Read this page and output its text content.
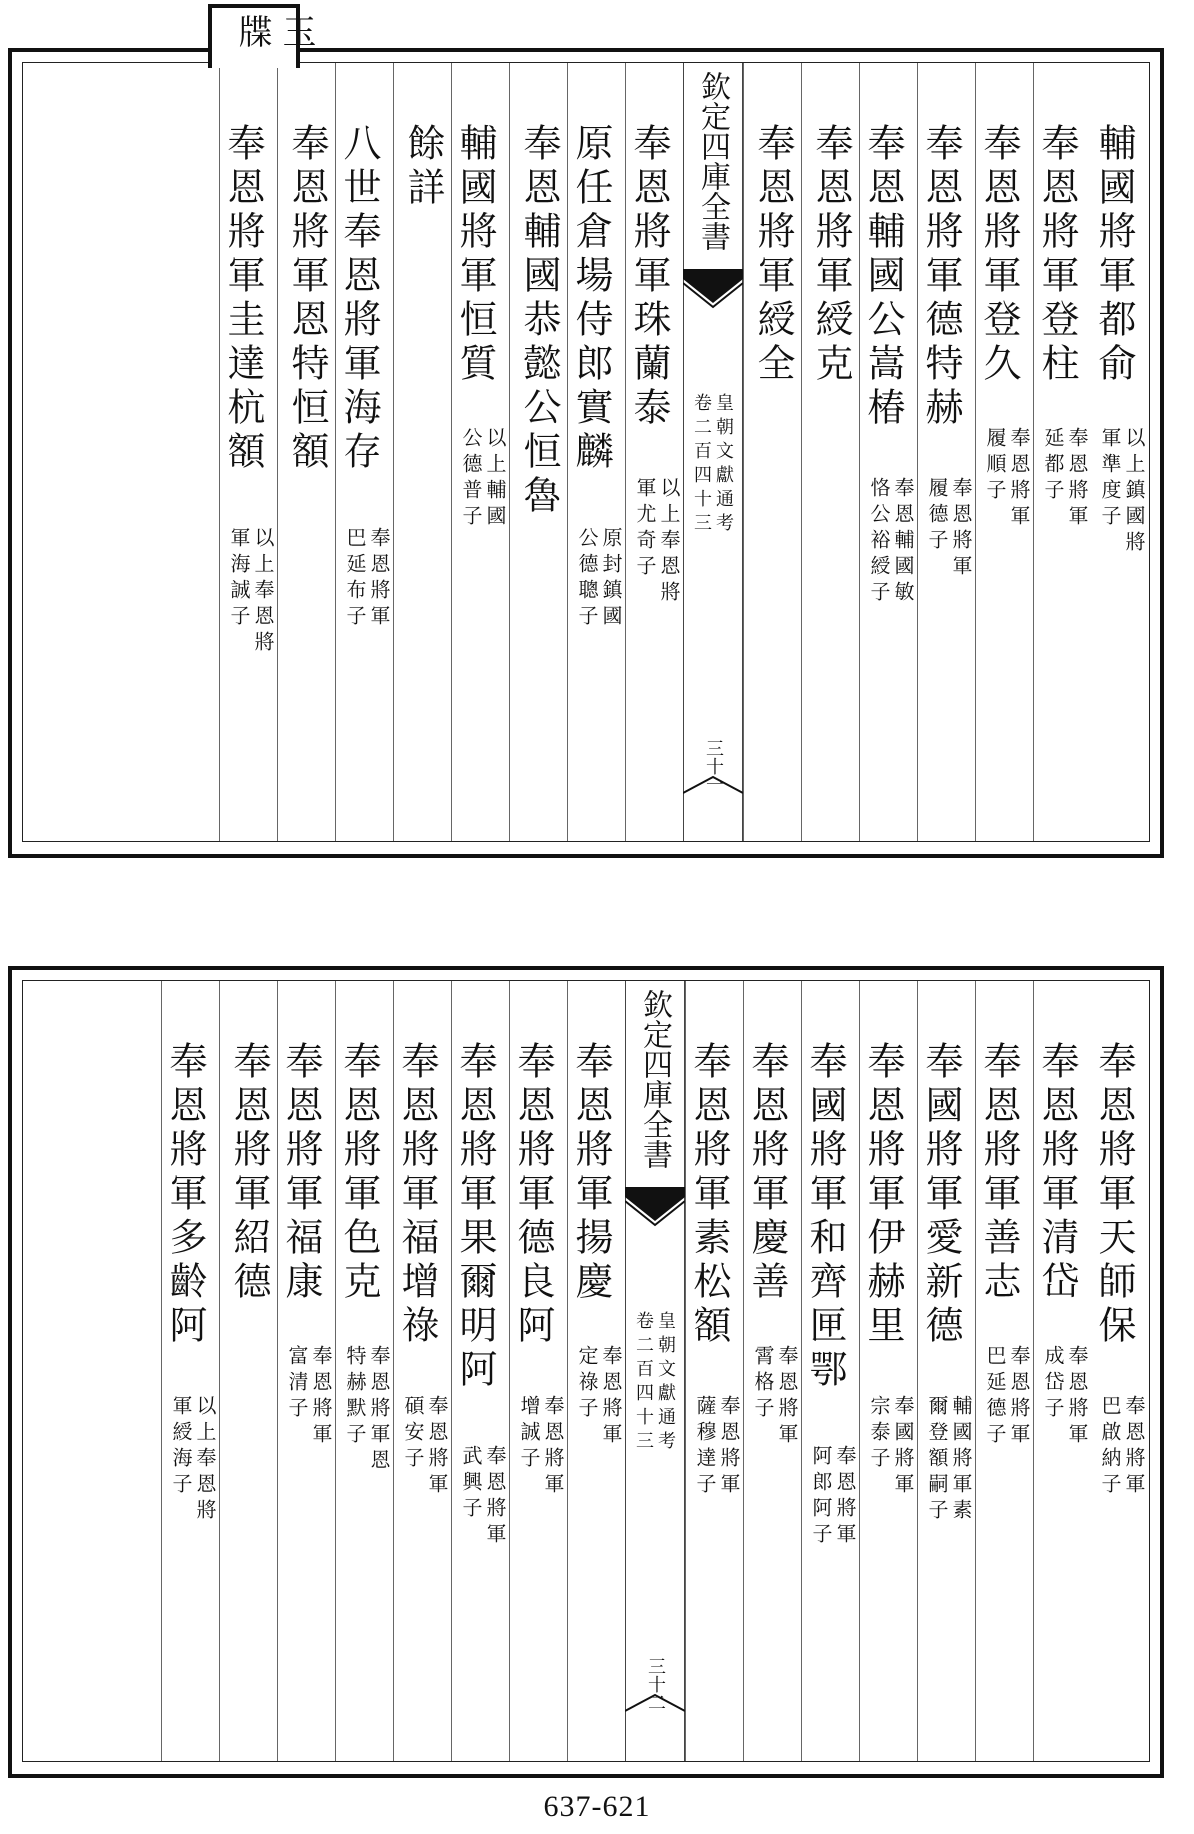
玉牒
輔國將軍都俞
以上鎮國將
軍準度子
奉恩將軍登柱
奉恩將軍
延都子
奉恩將軍登久
奉恩將軍
履順子
奉恩將軍德特赫
奉恩將軍
履德子
奉恩輔國公嵩椿
奉恩輔國敏
恪公裕綬子
奉恩將軍綬克
奉恩將軍綬全
欽定四庫全書
皇朝文獻通考
卷二百四十三
三十一
奉恩將軍珠蘭泰
以上奉恩將
軍尤奇子
原任倉場侍郎實麟
原封鎮國
公德聰子
奉恩輔國恭懿公恒魯
輔國將軍恒質
以上輔國
公德普子
餘詳
八世奉恩將軍海存
奉恩將軍
巴延布子
奉恩將軍恩特恒額
奉恩將軍圭達杭額
以上奉恩將
軍海誠子
奉恩將軍天師保
奉恩將軍
巴啟納子
奉恩將軍清岱
奉恩將軍
成岱子
奉恩將軍善志
奉恩將軍
巴延德子
奉國將軍愛新德
輔國將軍素
爾登額嗣子
奉恩將軍伊赫里
奉國將軍
宗泰子
奉國將軍和齊匣鄂
奉恩將軍
阿郎阿子
奉恩將軍慶善
奉恩將軍
霄格子
奉恩將軍素松額
奉恩將軍
薩穆達子
欽定四庫全書
皇朝文獻通考
卷二百四十三
三十二
奉恩將軍揚慶
奉恩將軍
定祿子
奉恩將軍德良阿
奉恩將軍
增誠子
奉恩將軍果爾明阿
奉恩將軍
武興子
奉恩將軍福增祿
奉恩將軍
碩安子
奉恩將軍色克
奉恩將軍恩
特赫默子
奉恩將軍福康
奉恩將軍
富清子
奉恩將軍紹德
奉恩將軍多齡阿
以上奉恩將
軍綬海子
637-621
